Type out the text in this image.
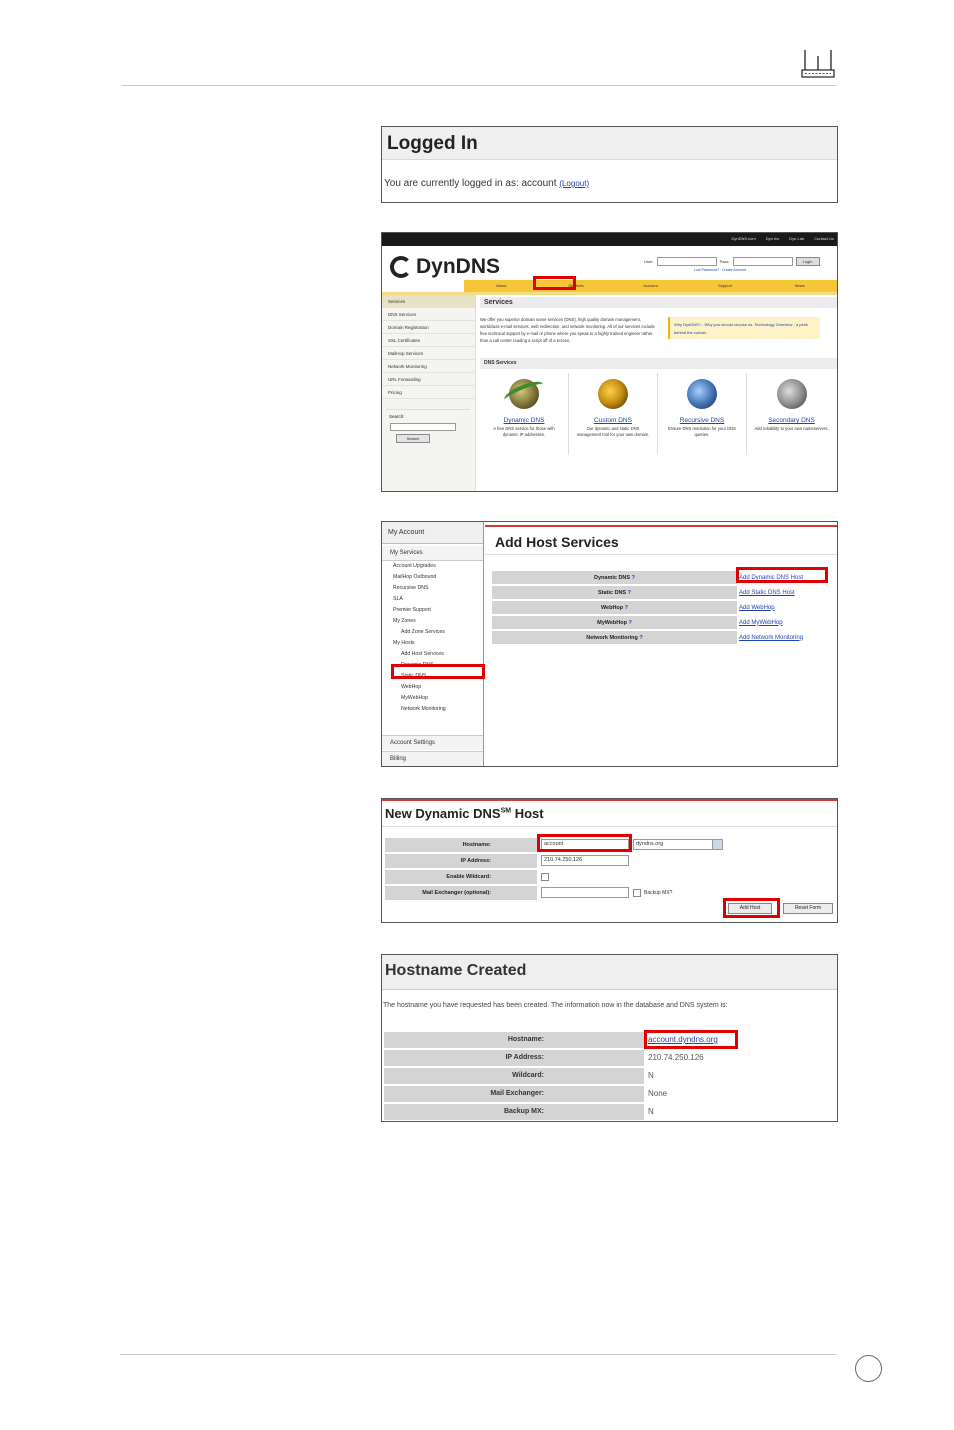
Logged In
You are currently logged in as: account (Logout)
DynDNS.com	Dyn Inc	Dyn Lab	Contact Us
DynDNS	User:	Pass:	Login
Lost Password? · Create Account
About	Services	Account	Support	News
Services
DNS Services
Domain Registration
SSL Certificates
MailHop Services
Network Monitoring
URL Forwarding
Pricing
Search:
Search
Services
We offer you superior domain name services (DNS), high quality domain management, worldclass e-mail services, web redirection, and network monitoring. All of our services include free technical support by e-mail or phone where you speak to a highly trained engineer rather than a call center reading a script off of a screen.
Why DynDNS? - Why you should choose us. Technology Overview - a peek behind the curtain.
DNS Services
Dynamic DNS
A free DNS service for those with dynamic IP addresses.
Custom DNS
Our dynamic and static DNS management tool for your own domain.
Recursive DNS
Ensure DNS resolution for your DNS queries.
Secondary DNS
Add reliability to your own nameservers.
My Account
My Services
Account Upgrades
MailHop Outbound
Recursive DNS
SLA
Premier Support
My Zones
Add Zone Services
My Hosts
Add Host Services
Dynamic DNS
Static DNS
WebHop
MyWebHop
Network Monitoring
Account Settings
Billing
Add Host Services
Dynamic DNS ?	Add Dynamic DNS Host
Static DNS ?	Add Static DNS Host
WebHop ?	Add WebHop
MyWebHop ?	Add MyWebHop
Network Monitoring ?	Add Network Monitoring
New Dynamic DNS℠ Host
Hostname:	account	dyndns.org
IP Address:	210.74.250.126
Enable Wildcard:
Mail Exchanger (optional):	Backup MX?
Add Host	Reset Form
Hostname Created
The hostname you have requested has been created. The information now in the database and DNS system is:
Hostname:	account.dyndns.org
IP Address:	210.74.250.126
Wildcard:	N
Mail Exchanger:	None
Backup MX:	N
